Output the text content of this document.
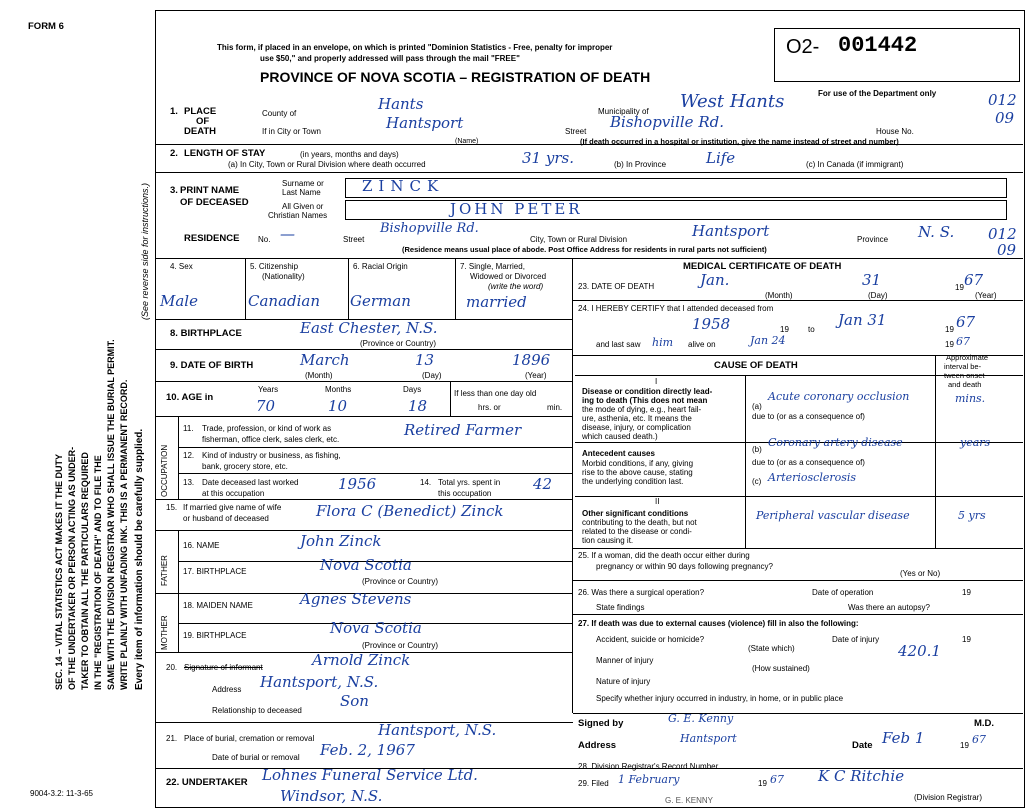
FORM 6
O2- 001442
This form, if placed in an envelope, on which is printed "Dominion Statistics - Free, penalty for improper
use $50," and properly addressed will pass through the mail "FREE"
PROVINCE OF NOVA SCOTIA – REGISTRATION OF DEATH
For use of the Department only	012
09
012
09
SEC. 14 – VITAL STATISTICS ACT MAKES IT THE DUTY OF THE UNDERTAKER OR PERSON ACTING AS UNDER- TAKER TO OBTAIN ALL THE PARTICULARS REQUIRED IN THE "REGISTRATION OF DEATH" AND TO FILE THE SAME WITH THE DIVISION REGISTRAR WHO SHALL ISSUE THE BURIAL PERMIT. WRITE PLAINLY WITH UNFADING INK. THIS IS A PERMANENT RECORD. Every item of information should be carefully supplied.
(See reverse side for instructions.)
1. PLACE
OF
DEATH
County of
Hants	Municipality of West Hants
If in City or Town	Hantsport
(Name)
Street
Bishopville Rd.
House No.
(If death occurred in a hospital or institution, give the name instead of street and number)
2. LENGTH OF STAY	(in years, months and days)
(a) In City, Town or Rural Division where death occurred	31 yrs.	(b) In Province	Life	(c) In Canada (if immigrant)
3. PRINT NAME
OF DECEASED
Surname or
Last Name	ZINCK
All Given or
Christian Names	JOHN PETER
RESIDENCE No. —	Street
Bishopville Rd.
City, Town or Rural Division	Hantsport	Province N. S.
(Residence means usual place of abode. Post Office Address for residents in rural parts not sufficient)
4. Sex
Male
5. Citizenship
(Nationality)
Canadian
6. Racial Origin
German
7. Single, Married,
Widowed or Divorced
(write the word)
married
8. BIRTHPLACE	East Chester, N.S.
(Province or Country)
9. DATE OF BIRTH	March	13	1896
(Month)	(Day)	(Year)
10. AGE in
Years	Months	Days
70	10	18
If less than one day old
hrs. or	min.
OCCUPATION
11. Trade, profession, or kind of work as
fisherman, office clerk, sales clerk, etc.
Retired Farmer
12. Kind of industry or business, as fishing,
bank, grocery store, etc.
13. Date deceased last worked
at this occupation
1956	14. Total yrs. spent in
this occupation
42
15. If married give name of wife
or husband of deceased	Flora C (Benedict) Zinck
FATHER
16. NAME	John Zinck
17. BIRTHPLACE	Nova Scotia
(Province or Country)
MOTHER
18. MAIDEN NAME	Agnes Stevens
19. BIRTHPLACE	Nova Scotia
(Province or Country)
20. Signature of informant	Arnold Zinck
Address Hantsport, N.S.
Relationship to deceased
Son
21. Place of burial, cremation or removal	Hantsport, N.S.
Date of burial or removal Feb. 2, 1967
22. UNDERTAKER Lohnes Funeral Service Ltd.
Windsor, N.S.
9004-3.2: 11-3-65
MEDICAL CERTIFICATE OF DEATH
23. DATE OF DEATH	Jan.	31	19 67
(Month)	(Day)	(Year)
24. I HEREBY CERTIFY that I attended deceased from
1958	19 to
Jan 31
19 67
and last saw him alive on	Jan 24	19 67
CAUSE OF DEATH
Approximate
interval be-
tween onset
and death
I
Disease or condition directly lead-
ing to death (This does not mean
the mode of dying, e.g., heart fail-
ure, asthenia, etc. It means the
disease, injury, or complication
which caused death.)
(a)
Acute coronary occlusion	mins.
due to (or as a consequence of)
Antecedent causes
Morbid conditions, if any, giving
rise to the above cause, stating
the underlying condition last.
(b)
Coronary artery disease	years
due to (or as a consequence of)
(c) Arteriosclerosis
II
Other significant conditions
contributing to the death, but not
related to the disease or condi-
tion causing it.
Peripheral vascular disease	5 yrs
25. If a woman, did the death occur either during
pregnancy or within 90 days following pregnancy?
(Yes or No)
26. Was there a surgical operation?	Date of operation	19
State findings	Was there an autopsy?
27. If death was due to external causes (violence) fill in also the following:
Accident, suicide or homicide?
(State which)
Date of injury	19
Manner of injury
420.1
(How sustained)
Nature of injury
Specify whether injury occurred in industry, in home, or in public place
Signed by	G. E. Kenny	M.D.
Address
Hantsport
Date Feb 1	19 67
28. Division Registrar's Record Number
29. Filed 1 February	19 67 K C Ritchie
(Division Registrar)
G. E. KENNY
